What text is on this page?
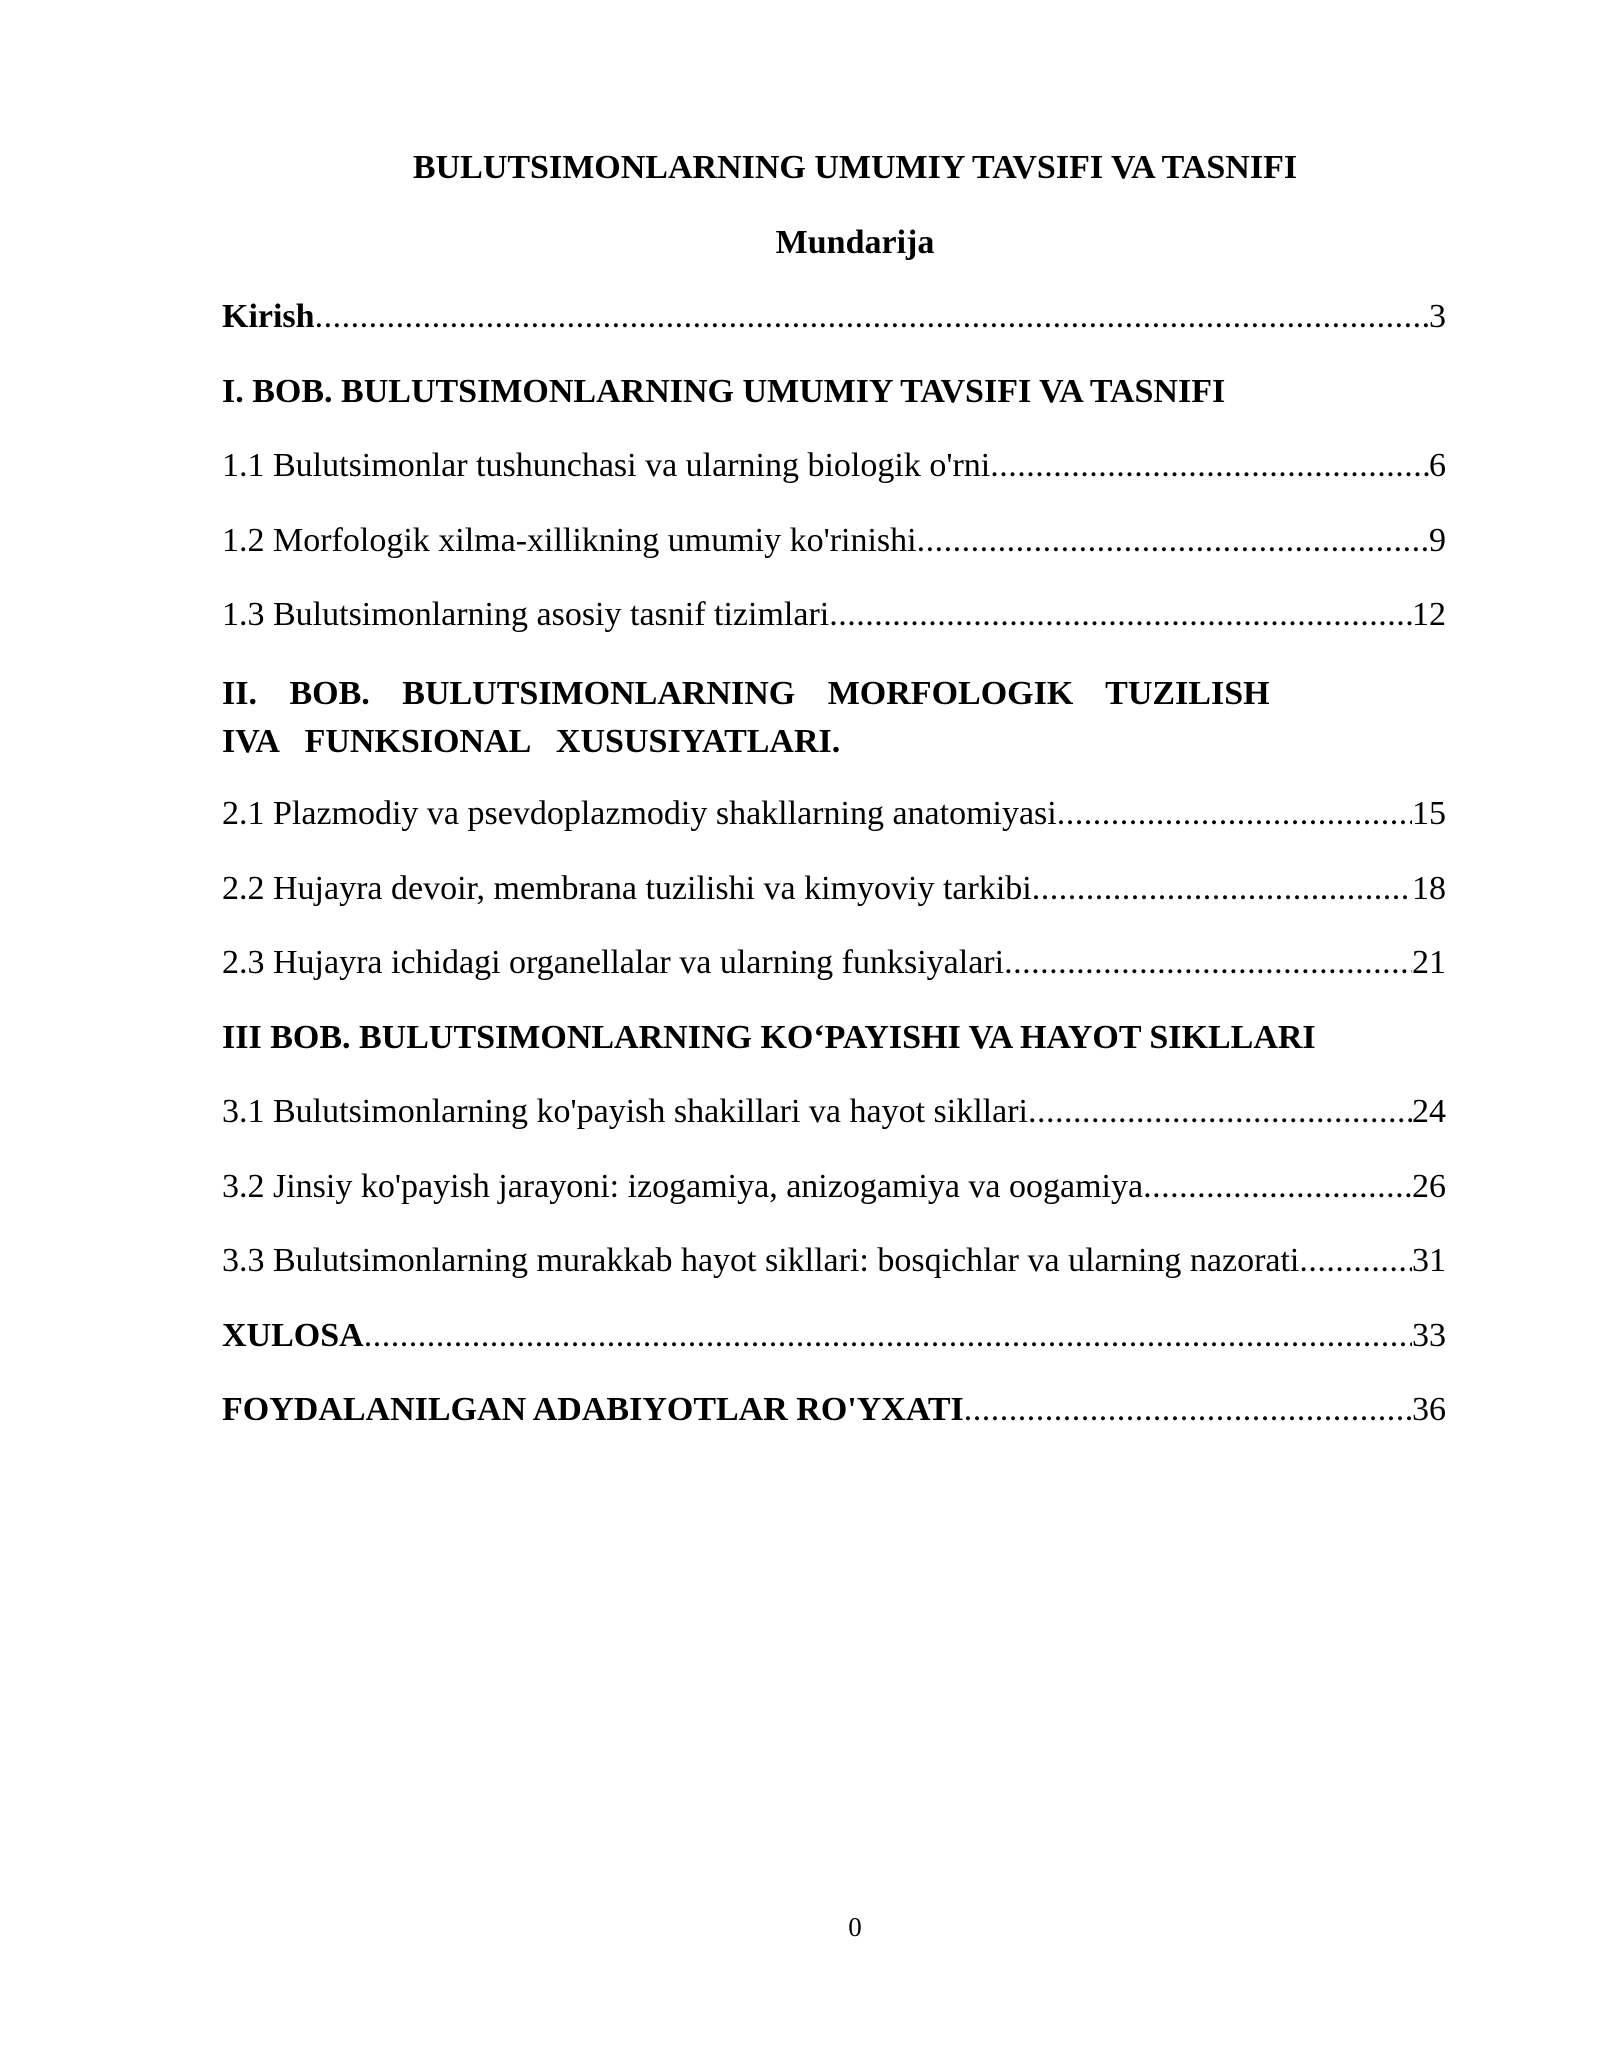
BULUTSIMONLARNING UMUMIY TAVSIFI VA TASNIFI
Mundarija
Kirish .....	3
I. BOB. BULUTSIMONLARNING UMUMIY TAVSIFI VA TASNIFI
1.1 Bulutsimonlar tushunchasi va ularning biologik o'rni .....	6
1.2 Morfologik xilma-xillikning umumiy ko'rinishi .....	9
1.3 Bulutsimonlarning asosiy tasnif tizimlari .....	12
II. BOB. BULUTSIMONLARNING MORFOLOGIK TUZILISH
IVA FUNKSIONAL XUSUSIYATLARI.
2.1 Plazmodiy va psevdoplazmodiy shakllarning anatomiyasi .....	15
2.2 Hujayra devoir, membrana tuzilishi va kimyoviy tarkibi .....	18
2.3 Hujayra ichidagi organellalar va ularning funksiyalari .....	21
III BOB. BULUTSIMONLARNING KO‘PAYISHI VA HAYOT SIKLLARI
3.1 Bulutsimonlarning ko'payish shakillari va hayot sikllari .....	24
3.2 Jinsiy ko'payish jarayoni: izogamiya, anizogamiya va oogamiya .....	26
3.3 Bulutsimonlarning murakkab hayot sikllari: bosqichlar va ularning nazorati .....	31
XULOSA .....	33
FOYDALANILGAN ADABIYOTLAR RO'YXATI .....	36
0
